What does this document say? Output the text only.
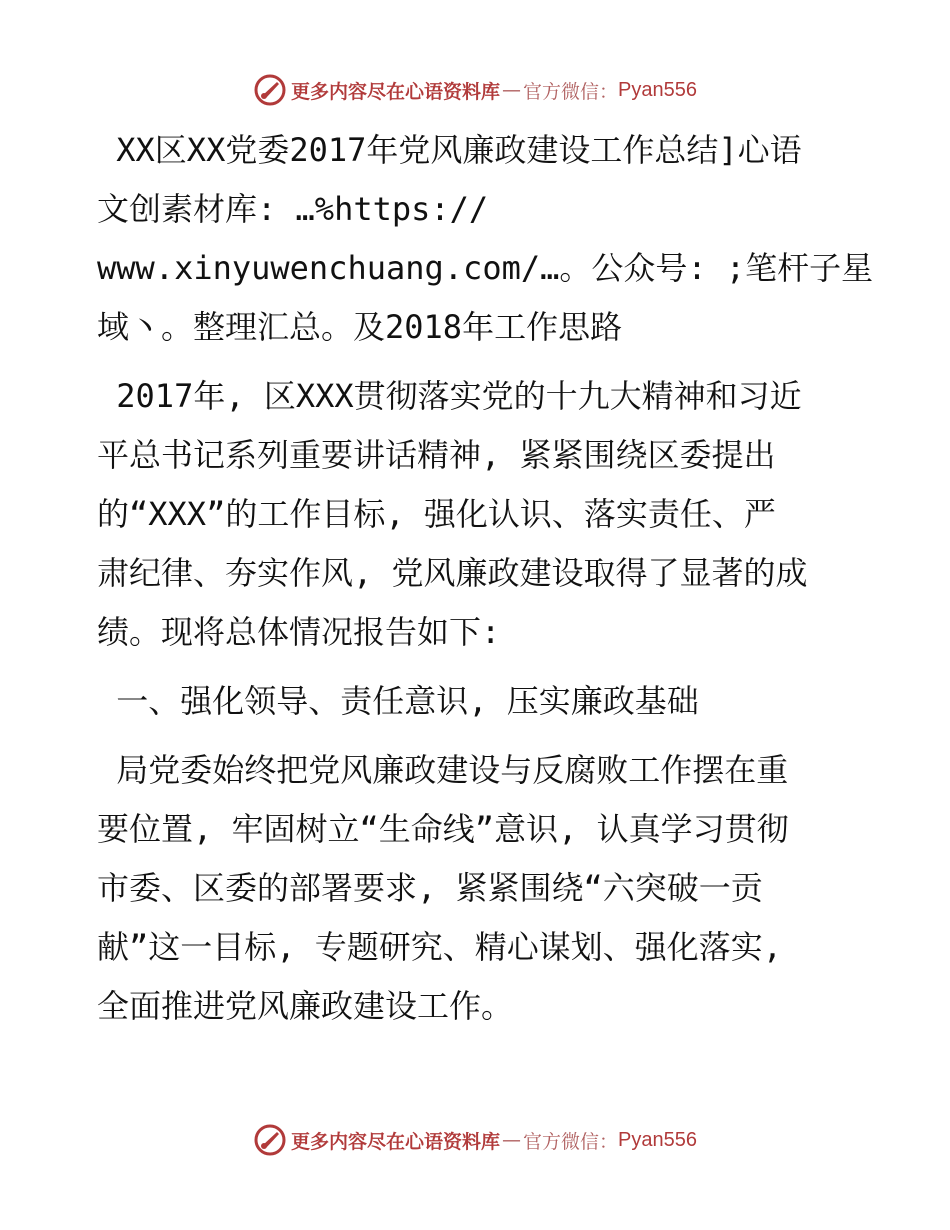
更多内容尽在心语资料库 — 官方微信： Pyan556
XX区XX党委2017年党风廉政建设工作总结]心语
文创素材库: …%https://
www.xinyuwenchuang.com/…。公众号: ;笔杆子星
域丶。整理汇总。及2018年工作思路
2017年, 区XXX贯彻落实党的十九大精神和习近
平总书记系列重要讲话精神, 紧紧围绕区委提出
的“XXX”的工作目标, 强化认识、落实责任、严
肃纪律、夯实作风, 党风廉政建设取得了显著的成
绩。现将总体情况报告如下:
一、强化领导、责任意识, 压实廉政基础
局党委始终把党风廉政建设与反腐败工作摆在重
要位置, 牢固树立“生命线”意识, 认真学习贯彻
市委、区委的部署要求, 紧紧围绕“六突破一贡
献”这一目标, 专题研究、精心谋划、强化落实,
全面推进党风廉政建设工作。
更多内容尽在心语资料库 — 官方微信： Pyan556
